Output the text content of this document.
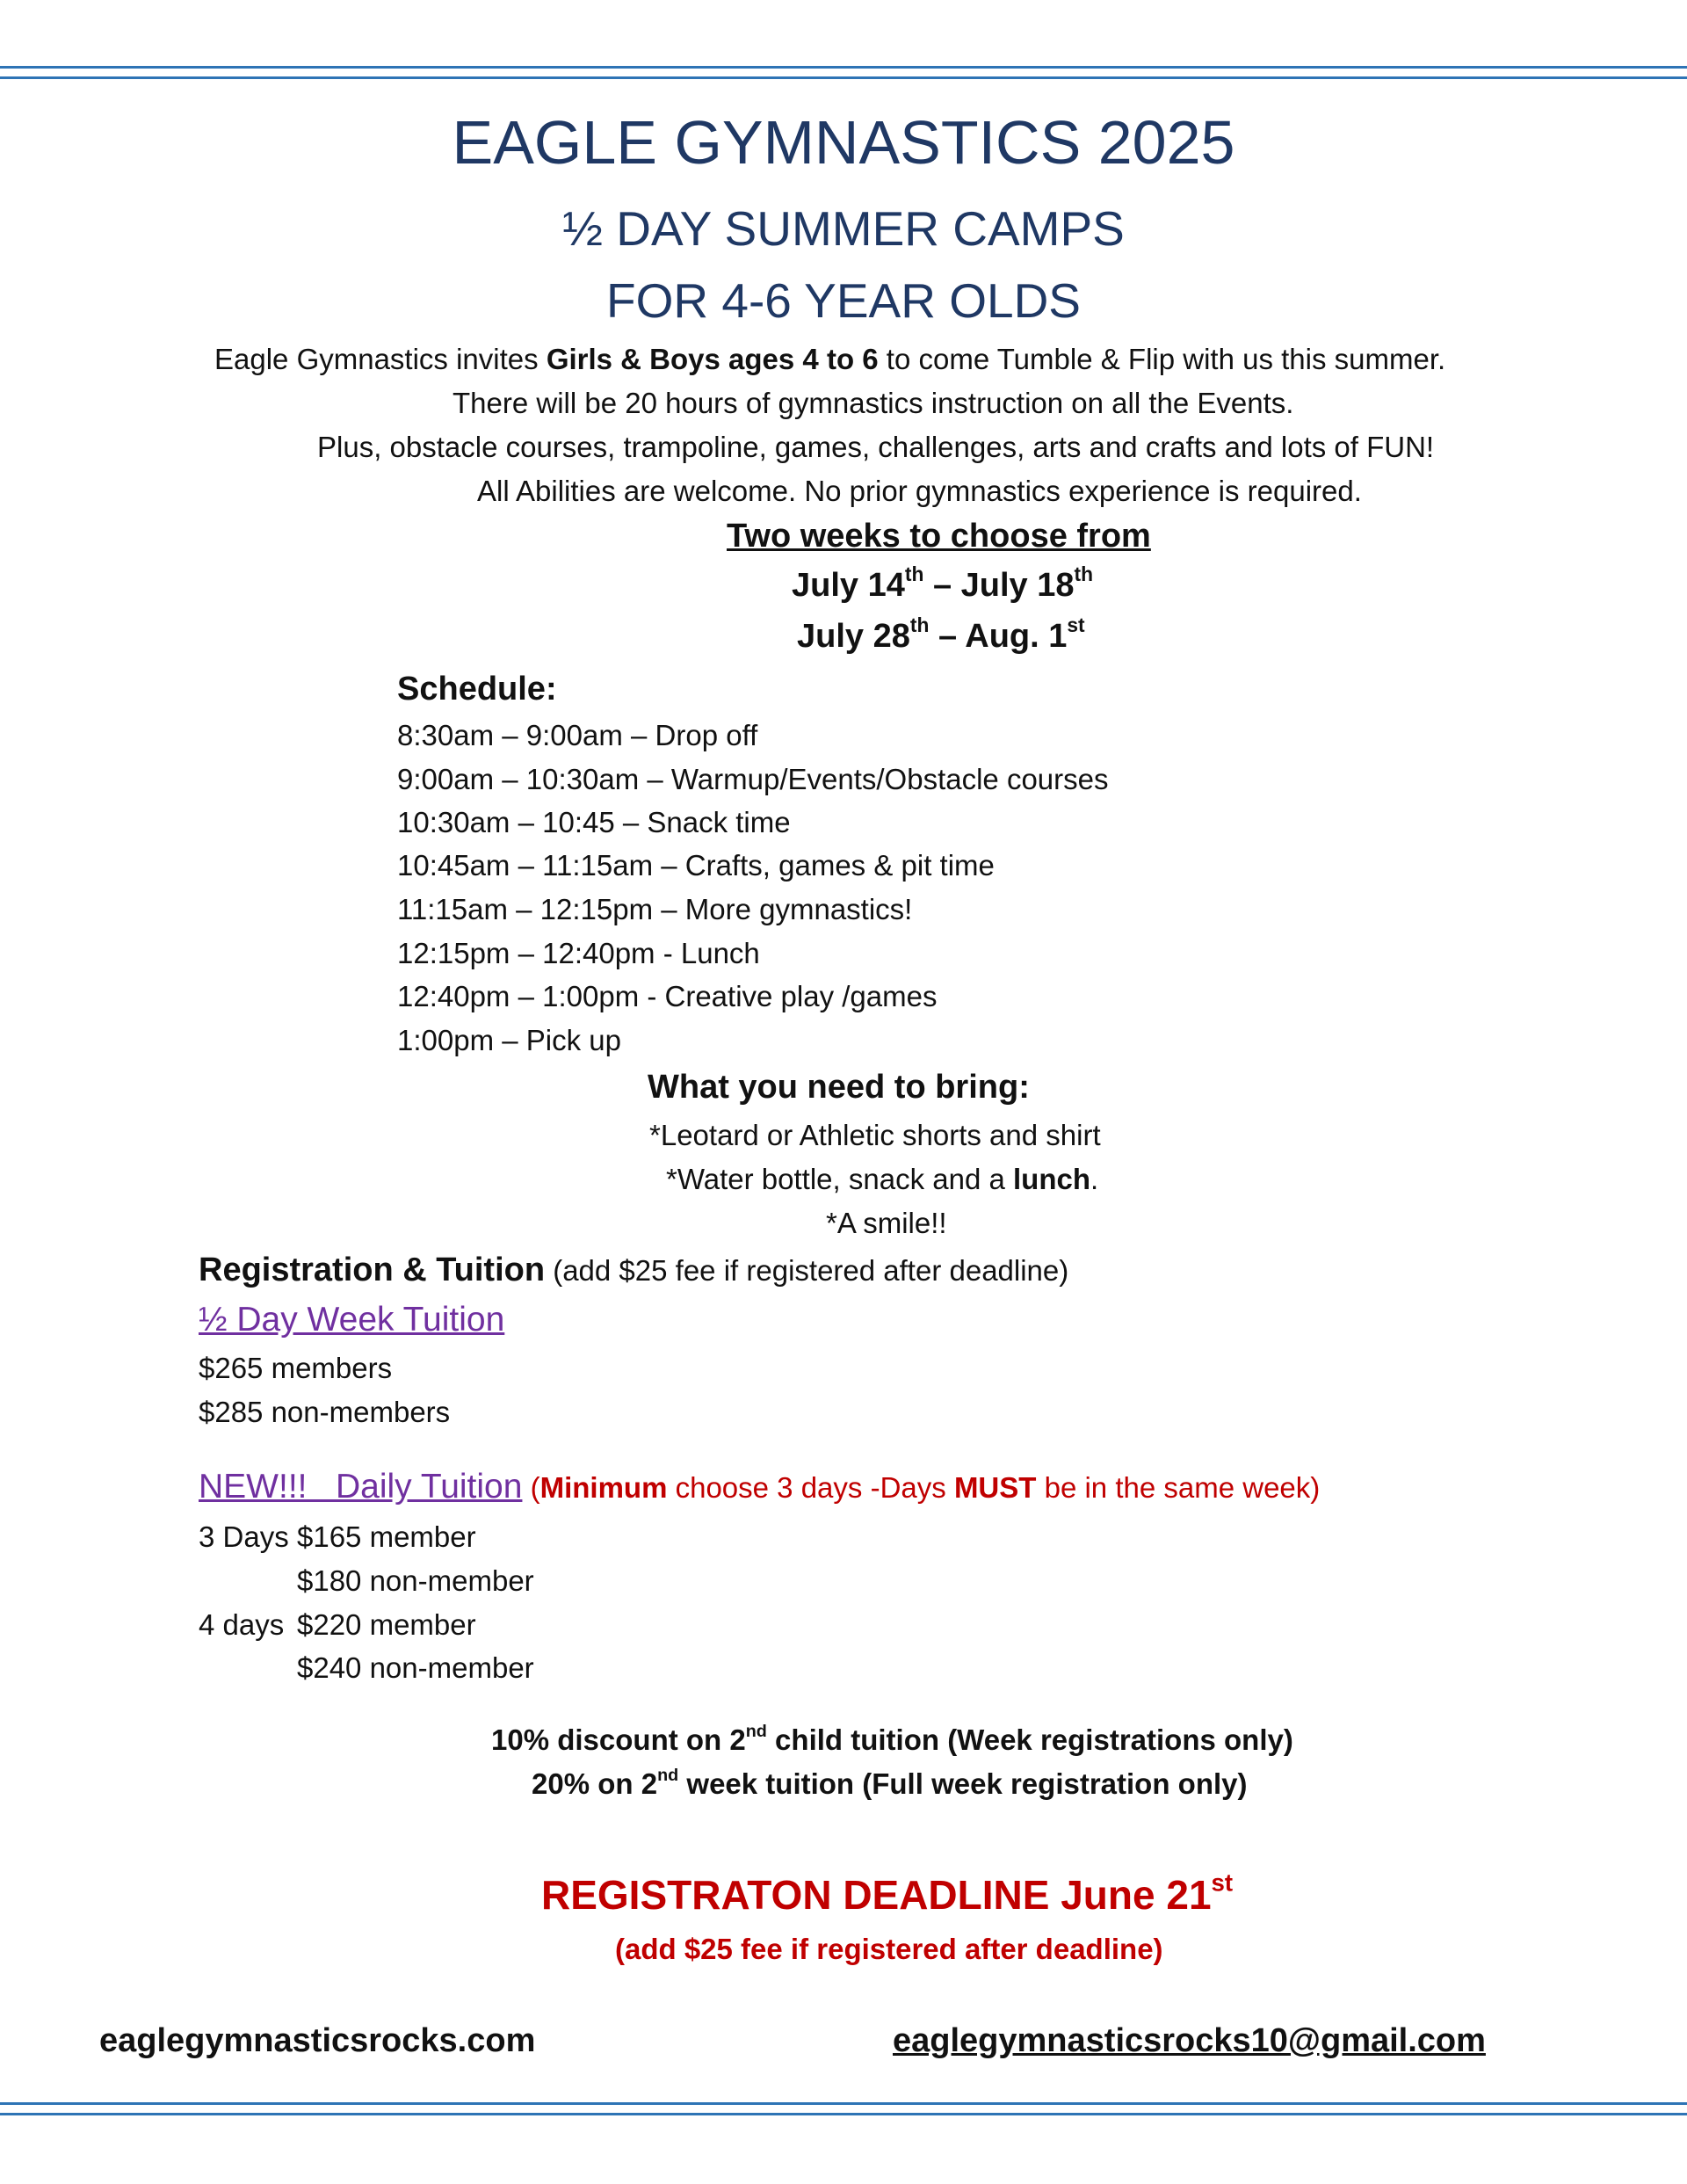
EAGLE GYMNASTICS 2025
½ DAY SUMMER CAMPS
FOR 4-6 YEAR OLDS
Eagle Gymnastics invites Girls & Boys ages 4 to 6 to come Tumble & Flip with us this summer.
There will be 20 hours of gymnastics instruction on all the Events.
Plus, obstacle courses, trampoline, games, challenges, arts and crafts and lots of FUN!
All Abilities are welcome. No prior gymnastics experience is required.
Two weeks to choose from
July 14th – July 18th
July 28th – Aug. 1st
Schedule:
8:30am – 9:00am – Drop off
9:00am – 10:30am – Warmup/Events/Obstacle courses
10:30am – 10:45 – Snack time
10:45am – 11:15am – Crafts, games & pit time
11:15am – 12:15pm – More gymnastics!
12:15pm – 12:40pm - Lunch
12:40pm – 1:00pm - Creative play /games
1:00pm – Pick up
What you need to bring:
*Leotard or Athletic shorts and shirt
*Water bottle, snack and a lunch.
*A smile!!
Registration & Tuition (add $25 fee if registered after deadline)
½ Day Week Tuition
$265 members
$285 non-members
NEW!!!   Daily Tuition (Minimum choose 3 days -Days MUST be in the same week)
3 Days $165 member
$180 non-member
4 days $220 member
$240 non-member
10% discount on 2nd child tuition (Week registrations only)
20% on 2nd week tuition (Full week registration only)
REGISTRATON DEADLINE June 21st
(add $25 fee if registered after deadline)
eaglegymnasticsrocks.com	eaglegymnasticsrocks10@gmail.com
